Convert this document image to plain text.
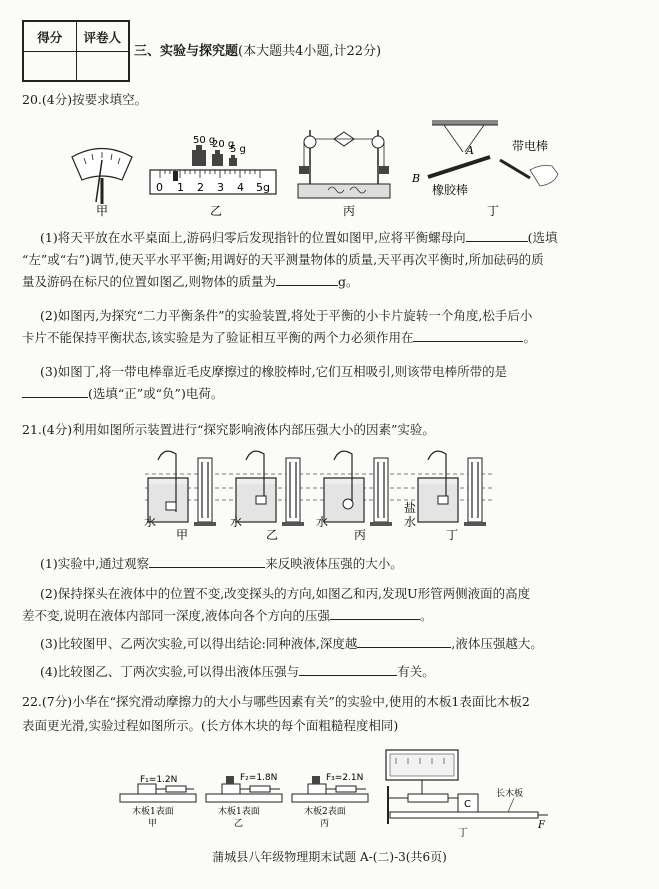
得分	评卷人
三、实验与探究题(本大题共4小题,计22分)
20.(4分)按要求填空。
50 g
20 g
5 g
0 1 2 3 4 5g
B
A
橡胶棒
带电棒
甲	乙	丙	丁
(1)将天平放在水平桌面上,游码归零后发现指针的位置如图甲,应将平衡螺母向	(选填
“左”或“右”)调节,使天平水平平衡;用调好的天平测量物体的质量,天平再次平衡时,所加砝码的质
量及游码在标尺的位置如图乙,则物体的质量为	g。
(2)如图丙,为探究“二力平衡条件”的实验装置,将处于平衡的小卡片旋转一个角度,松手后小
卡片不能保持平衡状态,该实验是为了验证相互平衡的两个力必须作用在	。
(3)如图丁,将一带电棒靠近毛皮摩擦过的橡胶棒时,它们互相吸引,则该带电棒所带的是
(选填“正”或“负”)电荷。
21.(4分)利用如图所示装置进行“探究影响液体内部压强大小的因素”实验。
水	水	水
盐
水
甲	乙	丙	丁
(1)实验中,通过观察	来反映液体压强的大小。
(2)保持探头在液体中的位置不变,改变探头的方向,如图乙和丙,发现U形管两侧液面的高度
差不变,说明在液体内部同一深度,液体向各个方向的压强	。
(3)比较图甲、乙两次实验,可以得出结论:同种液体,深度越	,液体压强越大。
(4)比较图乙、丁两次实验,可以得出液体压强与	有关。
22.(7分)小华在“探究滑动摩擦力的大小与哪些因素有关”的实验中,使用的木板1表面比木板2
表面更光滑,实验过程如图所示。(长方体木块的每个面粗糙程度相同)
F₁=1.2N
木板1表面
甲
F₂=1.8N
木板1表面
乙
F₃=2.1N
木板2表面
丙
C
F
长木板
丁
蒲城县八年级物理期末试题 A-(二)-3(共6页)
